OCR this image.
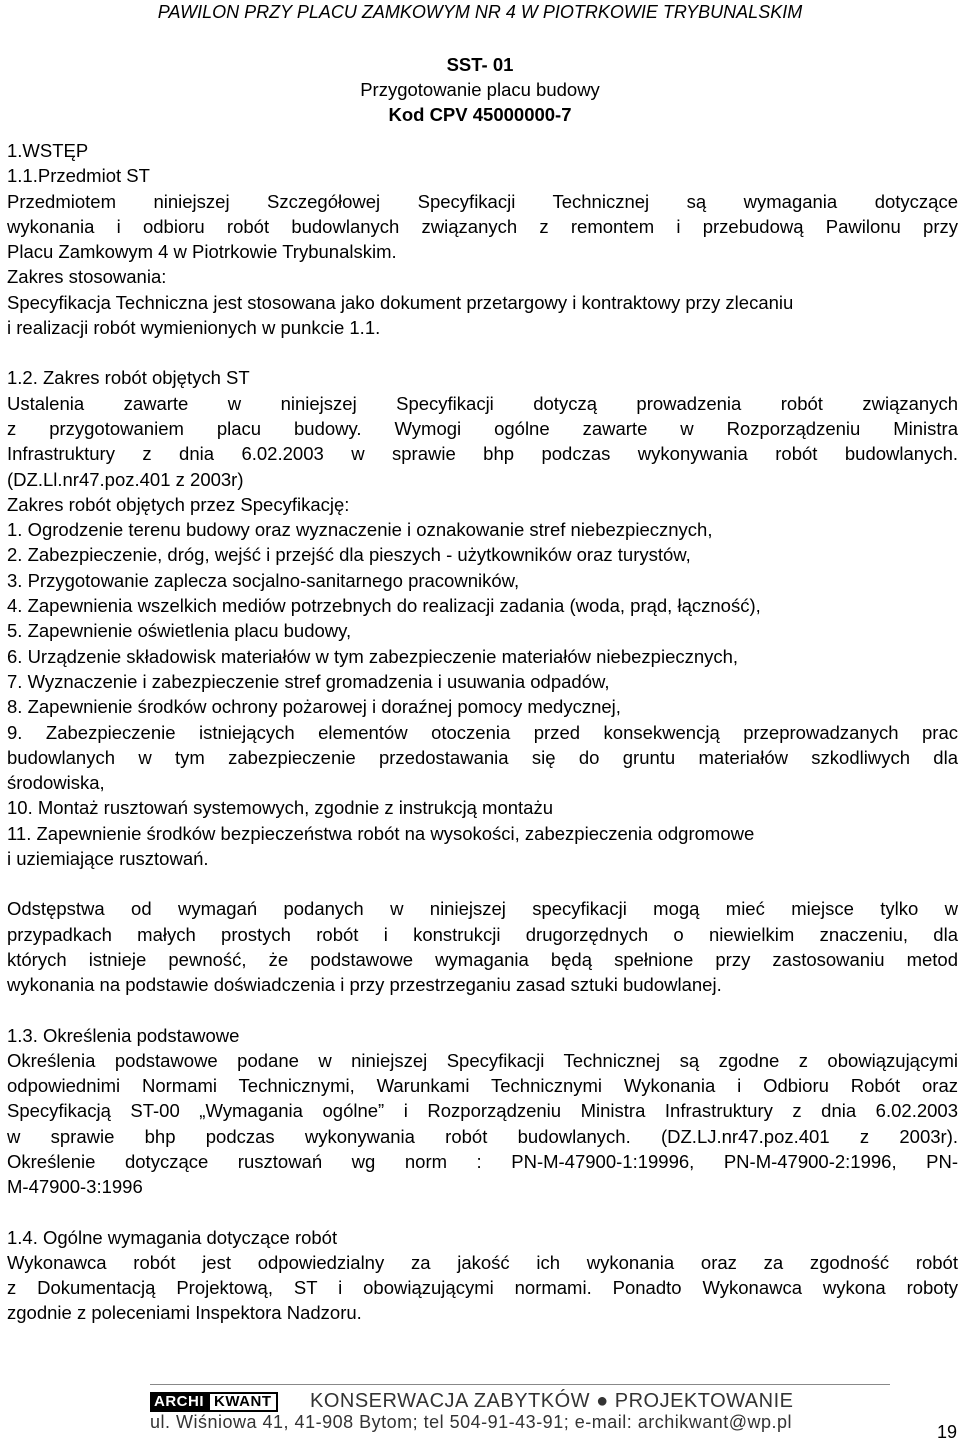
PAWILON PRZY PLACU ZAMKOWYM NR 4 W PIOTRKOWIE TRYBUNALSKIM
SST- 01
Przygotowanie placu budowy
Kod CPV 45000000-7

1.WSTĘP

1.1.Przedmiot ST

Przedmiotem niniejszej Szczegółowej Specyfikacji Technicznej są wymagania dotyczące

wykonania i odbioru robót budowlanych związanych z remontem i przebudową Pawilonu przy

Placu Zamkowym 4 w Piotrkowie Trybunalskim.

Zakres stosowania:

Specyfikacja Techniczna jest stosowana jako dokument przetargowy i kontraktowy przy zlecaniu

i realizacji robót wymienionych w punkcie 1.1.

1.2. Zakres robót objętych ST

Ustalenia zawarte w niniejszej Specyfikacji dotyczą prowadzenia robót związanych

z przygotowaniem placu budowy. Wymogi ogólne zawarte w Rozporządzeniu Ministra

Infrastruktury z dnia 6.02.2003 w sprawie bhp podczas wykonywania robót budowlanych.

(DZ.Ll.nr47.poz.401 z 2003r)

Zakres robót objętych przez Specyfikację:

1. Ogrodzenie terenu budowy oraz wyznaczenie i oznakowanie stref niebezpiecznych,

2. Zabezpieczenie, dróg, wejść i przejść dla pieszych - użytkowników oraz turystów,

3. Przygotowanie zaplecza socjalno-sanitarnego pracowników,

4. Zapewnienia wszelkich mediów potrzebnych do realizacji zadania (woda, prąd, łączność),

5. Zapewnienie oświetlenia placu budowy,

6. Urządzenie składowisk materiałów w tym zabezpieczenie materiałów niebezpiecznych,

7. Wyznaczenie i zabezpieczenie stref gromadzenia i usuwania odpadów,

8. Zapewnienie środków ochrony pożarowej i doraźnej pomocy medycznej,

9. Zabezpieczenie istniejących elementów otoczenia przed konsekwencją przeprowadzanych prac

budowlanych w tym zabezpieczenie przedostawania się do gruntu materiałów szkodliwych dla

środowiska,

10. Montaż rusztowań systemowych, zgodnie z instrukcją montażu

11. Zapewnienie środków bezpieczeństwa robót na wysokości, zabezpieczenia odgromowe

i uziemiające rusztowań.

Odstępstwa od wymagań podanych w niniejszej specyfikacji mogą mieć miejsce tylko w

przypadkach małych prostych robót i konstrukcji drugorzędnych o niewielkim znaczeniu, dla

których istnieje pewność, że podstawowe wymagania będą spełnione przy zastosowaniu metod

wykonania na podstawie doświadczenia i przy przestrzeganiu zasad sztuki budowlanej.

1.3. Określenia podstawowe

Określenia podstawowe podane w niniejszej Specyfikacji Technicznej są zgodne z obowiązującymi

odpowiednimi Normami Technicznymi, Warunkami Technicznymi Wykonania i Odbioru Robót oraz

Specyfikacją ST-00 „Wymagania ogólne” i Rozporządzeniu Ministra Infrastruktury z dnia 6.02.2003

w sprawie bhp podczas wykonywania robót budowlanych. (DZ.LJ.nr47.poz.401 z 2003r).

Określenie dotyczące rusztowań wg norm : PN-M-47900-1:19996, PN-M-47900-2:1996, PN-

M-47900-3:1996

1.4. Ogólne wymagania dotyczące robót

Wykonawca robót jest odpowiedzialny za jakość ich wykonania oraz za zgodność robót

z Dokumentacją Projektową, ST i obowiązującymi normami. Ponadto Wykonawca wykona roboty

zgodnie z poleceniami Inspektora Nadzoru.

ARCHI KWANT	KONSERWACJA ZABYTKÓW ● PROJEKTOWANIE
ul. Wiśniowa 41, 41-908 Bytom; tel 504-91-43-91; e-mail: archikwant@wp.pl	19
